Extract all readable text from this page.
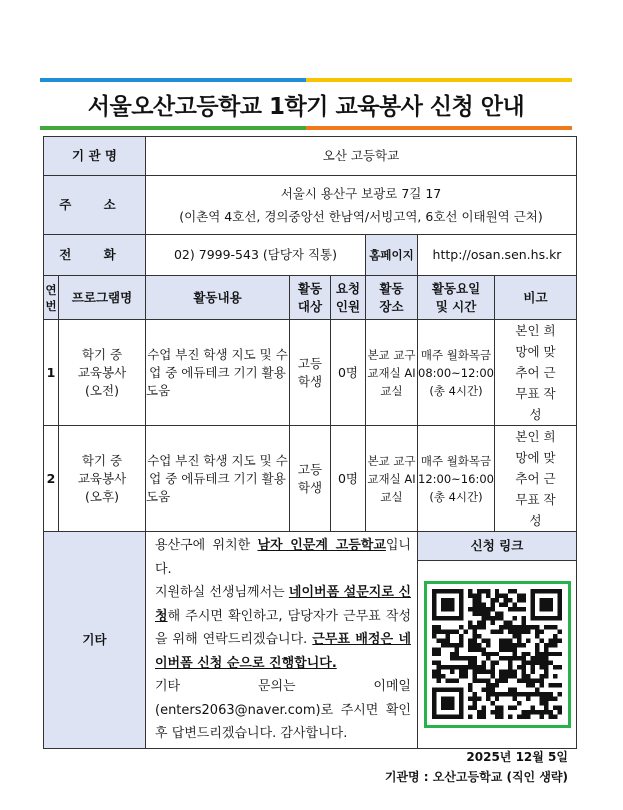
서울오산고등학교 1학기 교육봉사 신청 안내
기 관 명		오산 고등학교					
주 소		서울시 용산구 보광로 7길 17
(이촌역 4호선, 경의중앙선 한남역/서빙고역, 6호선 이태원역 근처)					

전 화		02) 7999-543 (담당자 직통)			홈페이지	http://osan.sen.hs.kr	
연번	프로그램명	활동내용	활동 대상	요청 인원	활동 장소	활동요일 및 시간	비고
1	학기 중 교육봉사 (오전)	수업 부진 학생 지도 및 수업 중 에듀테크 기기 활용 도움	고등 학생	0명	본교 교구교재실 AI교실	매주 월화목금 08:00~12:00 (총 4시간)	본인 희망에 맞추어 근무표 작성
2	학기 중 교육봉사 (오후)	수업 부진 학생 지도 및 수업 중 에듀테크 기기 활용 도움	고등 학생	0명	본교 교구교재실 AI교실	매주 월화목금 12:00~16:00 (총 4시간)	본인 희망에 맞추어 근무표 작성
기타		용산구에 위치한 남자 인문계 고등학교입니다.
지원하실 선생님께서는 네이버폼 설문지로 신청해 주시면 확인하고, 담당자가 근무표 작성을 위해 연락드리겠습니다. 근무표 배정은 네이버폼 신청 순으로 진행합니다.
기타 문의는 이메일(enters2063@naver.com)로 주시면 확인 후 답변드리겠습니다. 감사합니다.				신청 링크	

2025년 12월 5일
기관명 : 오산고등학교 (직인 생략)
